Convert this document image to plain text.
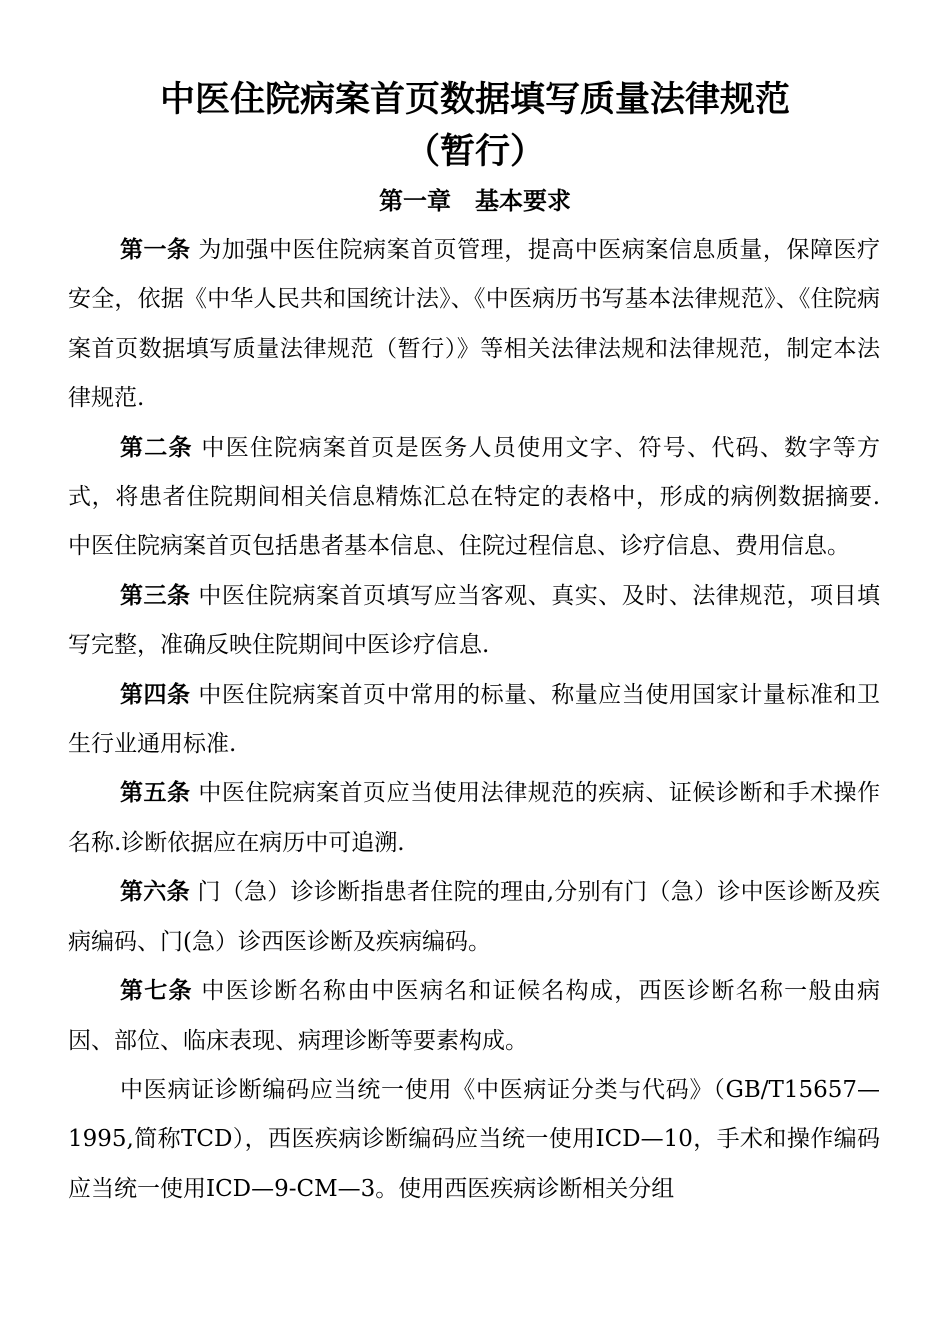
中医住院病案首页数据填写质量法律规范
（暂行）
第一章　基本要求

第一条 为加强中医住院病案首页管理，提高中医病案信息质量，保障医疗安全，依据《中华人民共和国统计法》、《中医病历书写基本法律规范》、《住院病案首页数据填写质量法律规范（暂行）》等相关法律法规和法律规范，制定本法律规范.

第二条 中医住院病案首页是医务人员使用文字、符号、代码、数字等方式，将患者住院期间相关信息精炼汇总在特定的表格中，形成的病例数据摘要.中医住院病案首页包括患者基本信息、住院过程信息、诊疗信息、费用信息。

第三条 中医住院病案首页填写应当客观、真实、及时、法律规范，项目填写完整，准确反映住院期间中医诊疗信息.

第四条 中医住院病案首页中常用的标量、称量应当使用国家计量标准和卫生行业通用标准.

第五条 中医住院病案首页应当使用法律规范的疾病、证候诊断和手术操作名称.诊断依据应在病历中可追溯.

第六条 门（急）诊诊断指患者住院的理由,分别有门（急）诊中医诊断及疾病编码、门(急）诊西医诊断及疾病编码。

第七条 中医诊断名称由中医病名和证候名构成，西医诊断名称一般由病因、部位、临床表现、病理诊断等要素构成。

中医病证诊断编码应当统一使用《中医病证分类与代码》（GB/T15657—1995,简称TCD），西医疾病诊断编码应当统一使用ICD—10，手术和操作编码应当统一使用ICD—9-CM—3。使用西医疾病诊断相关分组
